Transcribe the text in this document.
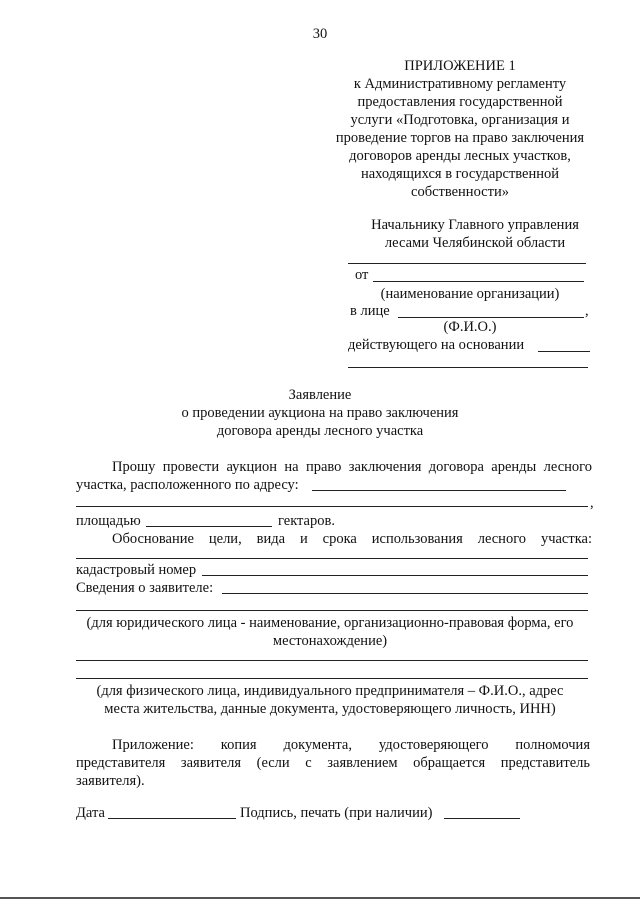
30
ПРИЛОЖЕНИЕ 1
к Административному регламенту
предоставления государственной
услуги «Подготовка, организация и
проведение торгов на право заключения
договоров аренды лесных участков,
находящихся в государственной
собственности»
Начальнику Главного управления
лесами Челябинской области
от
(наименование организации)
в лице	,
(Ф.И.О.)
действующего на основании
Заявление
о проведении аукциона на право заключения
договора аренды лесного участка
Прошу провести аукцион на право заключения договора аренды лесного
участка, расположенного по адресу:
,
площадью	гектаров.
Обоснование цели, вида и срока использования лесного участка:
кадастровый номер
Сведения о заявителе:
(для юридического лица - наименование, организационно-правовая форма, его
местонахождение)
(для физического лица, индивидуального предпринимателя – Ф.И.О., адрес
места жительства, данные документа, удостоверяющего личность, ИНН)
Приложение: копия документа, удостоверяющего полномочия
представителя заявителя (если с заявлением обращается представитель
заявителя).
Дата	Подпись, печать (при наличии)
